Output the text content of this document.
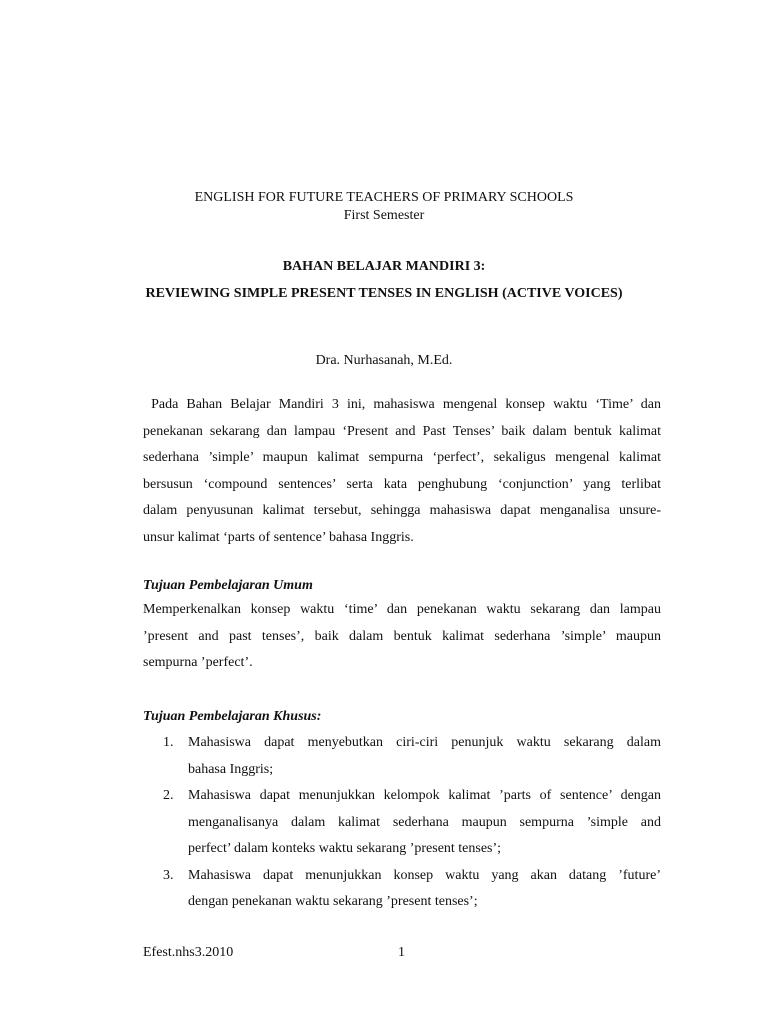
ENGLISH FOR FUTURE TEACHERS OF PRIMARY SCHOOLS
First Semester
BAHAN BELAJAR MANDIRI 3:
REVIEWING SIMPLE PRESENT TENSES IN ENGLISH (ACTIVE VOICES)
Dra. Nurhasanah, M.Ed.
Pada Bahan Belajar Mandiri 3 ini, mahasiswa mengenal konsep waktu ‘Time’ dan
penekanan sekarang dan lampau ‘Present and Past Tenses’ baik dalam bentuk kalimat
sederhana ’simple’ maupun kalimat sempurna ‘perfect’, sekaligus mengenal kalimat
bersusun ‘compound sentences’ serta kata penghubung ‘conjunction’ yang terlibat
dalam penyusunan kalimat tersebut, sehingga mahasiswa dapat menganalisa unsure-
unsur kalimat ‘parts of sentence’ bahasa Inggris.
Tujuan Pembelajaran Umum
Memperkenalkan konsep waktu ‘time’ dan penekanan waktu sekarang dan lampau
’present and past tenses’, baik dalam bentuk kalimat sederhana ’simple’ maupun
sempurna ’perfect’.
Tujuan Pembelajaran Khusus:
1.	Mahasiswa dapat menyebutkan ciri-ciri penunjuk waktu sekarang dalam
bahasa Inggris;
2.	Mahasiswa dapat menunjukkan kelompok kalimat ’parts of sentence’ dengan
menganalisanya dalam kalimat sederhana maupun sempurna ’simple and
perfect’ dalam konteks waktu sekarang ’present tenses’;
3.	Mahasiswa dapat menunjukkan konsep waktu yang akan datang ’future’
dengan penekanan waktu sekarang ’present tenses’;
Efest.nhs3.2010	1
